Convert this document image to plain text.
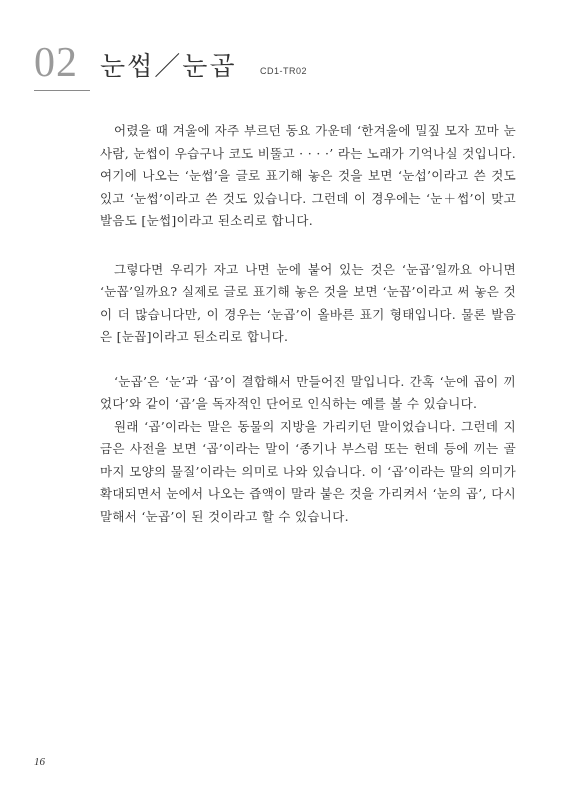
02 눈썹／눈곱	CD1-TR02

어렸을 때 겨울에 자주 부르던 동요 가운데 ‘한겨울에 밀짚 모자 꼬마 눈사람, 눈썹이 우습구나 코도 비뚤고 · · · ·’ 라는 노래가 기억나실 것입니다. 여기에 나오는 ‘눈썹’을 글로 표기해 놓은 것을 보면 ‘눈섭’이라고 쓴 것도 있고 ‘눈썹’이라고 쓴 것도 있습니다. 그런데 이 경우에는 ‘눈＋썹’이 맞고 발음도 [눈썹]이라고 된소리로 합니다.

그렇다면 우리가 자고 나면 눈에 붙어 있는 것은 ‘눈곱’일까요 아니면 ‘눈꼽’일까요? 실제로 글로 표기해 놓은 것을 보면 ‘눈꼽’이라고 써 놓은 것이 더 많습니다만, 이 경우는 ‘눈곱’이 올바른 표기 형태입니다. 물론 발음은 [눈꼽]이라고 된소리로 합니다.

‘눈곱’은 ‘눈’과 ‘곱’이 결합해서 만들어진 말입니다. 간혹 ‘눈에 곱이 끼었다’와 같이 ‘곱’을 독자적인 단어로 인식하는 예를 볼 수 있습니다.

원래 ‘곱’이라는 말은 동물의 지방을 가리키던 말이었습니다. 그런데 지금은 사전을 보면 ‘곱’이라는 말이 ‘종기나 부스럼 또는 헌데 등에 끼는 골마지 모양의 물질’이라는 의미로 나와 있습니다. 이 ‘곱’이라는 말의 의미가 확대되면서 눈에서 나오는 즙액이 말라 붙은 것을 가리켜서 ‘눈의 곱’, 다시 말해서 ‘눈곱’이 된 것이라고 할 수 있습니다.

16
